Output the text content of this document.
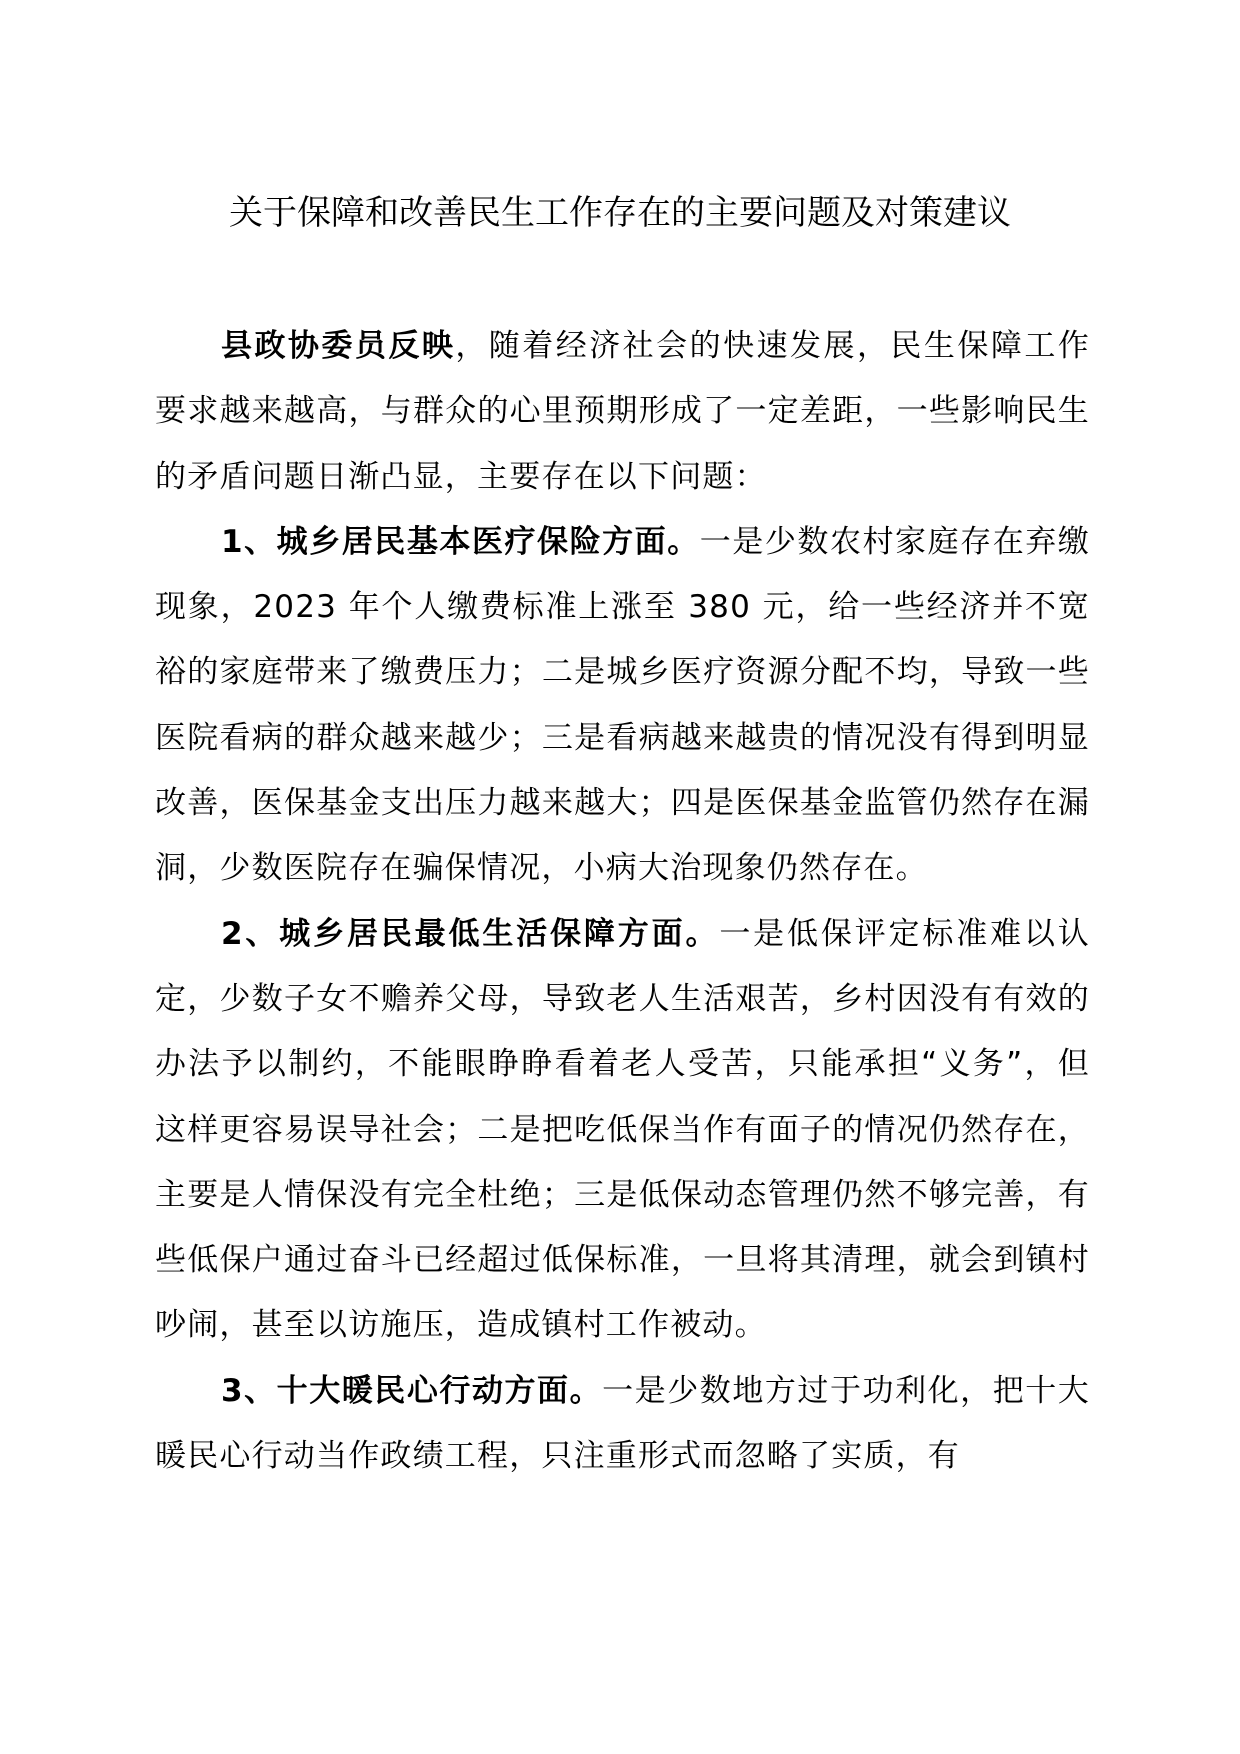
关于保障和改善民生工作存在的主要问题及对策建议

县政协委员反映，随着经济社会的快速发展，民生保障工作要求越来越高，与群众的心里预期形成了一定差距，一些影响民生的矛盾问题日渐凸显，主要存在以下问题：

1、城乡居民基本医疗保险方面。一是少数农村家庭存在弃缴现象，2023 年个人缴费标准上涨至 380 元，给一些经济并不宽裕的家庭带来了缴费压力；二是城乡医疗资源分配不均，导致一些医院看病的群众越来越少；三是看病越来越贵的情况没有得到明显改善，医保基金支出压力越来越大；四是医保基金监管仍然存在漏洞，少数医院存在骗保情况，小病大治现象仍然存在。

2、城乡居民最低生活保障方面。一是低保评定标准难以认定，少数子女不赡养父母，导致老人生活艰苦，乡村因没有有效的办法予以制约，不能眼睁睁看着老人受苦，只能承担“义务”，但这样更容易误导社会；二是把吃低保当作有面子的情况仍然存在，主要是人情保没有完全杜绝；三是低保动态管理仍然不够完善，有些低保户通过奋斗已经超过低保标准，一旦将其清理，就会到镇村吵闹，甚至以访施压，造成镇村工作被动。

3、十大暖民心行动方面。一是少数地方过于功利化，把十大暖民心行动当作政绩工程，只注重形式而忽略了实质，有
